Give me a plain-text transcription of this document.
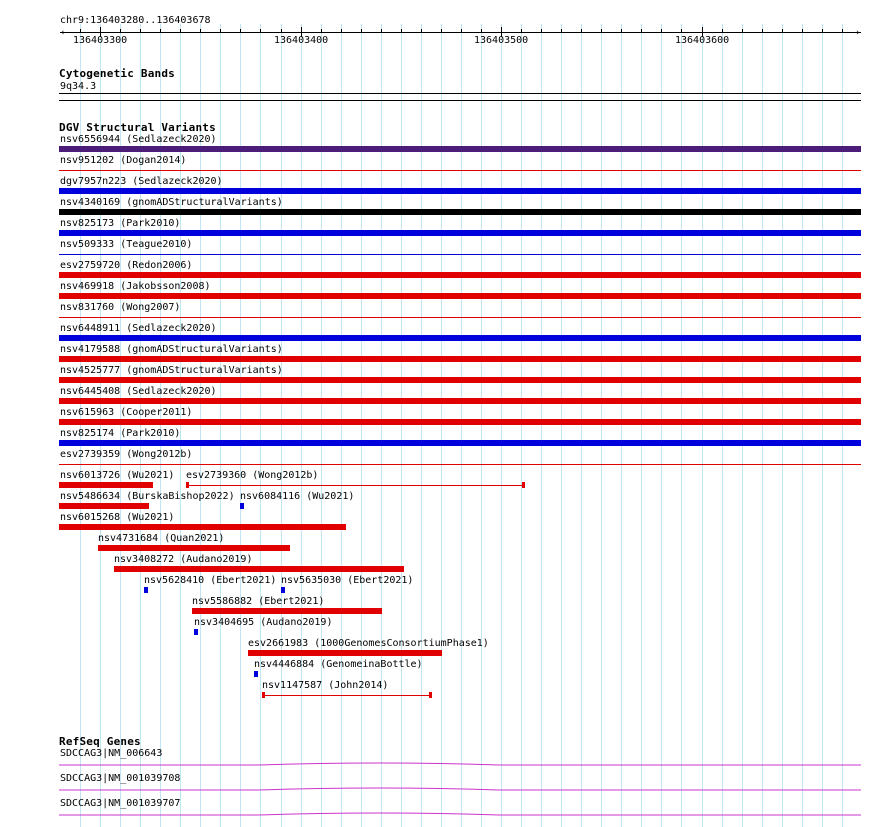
chr9:136403280..136403678
‹	›
136403300	136403400	136403500	136403600
Cytogenetic Bands
9q34.3
DGV Structural Variants
nsv6556944 (Sedlazeck2020)
nsv951202 (Dogan2014)
dgv7957n223 (Sedlazeck2020)
nsv4340169 (gnomADStructuralVariants)
nsv825173 (Park2010)
nsv509333 (Teague2010)
esv2759720 (Redon2006)
nsv469918 (Jakobsson2008)
nsv831760 (Wong2007)
nsv6448911 (Sedlazeck2020)
nsv4179588 (gnomADStructuralVariants)
nsv4525777 (gnomADStructuralVariants)
nsv6445408 (Sedlazeck2020)
nsv615963 (Cooper2011)
nsv825174 (Park2010)
esv2739359 (Wong2012b)
nsv6013726 (Wu2021) esv2739360 (Wong2012b)
nsv5486634 (BurskaBishop2022) nsv6084116 (Wu2021)
nsv6015268 (Wu2021)
nsv4731684 (Quan2021)
nsv3408272 (Audano2019)
nsv5628410 (Ebert2021) nsv5635030 (Ebert2021)
nsv5586882 (Ebert2021)
nsv3404695 (Audano2019)
esv2661983 (1000GenomesConsortiumPhase1)
nsv4446884 (GenomeinaBottle)
nsv1147587 (John2014)
RefSeq Genes
SDCCAG3|NM_006643
SDCCAG3|NM_001039708
SDCCAG3|NM_001039707
